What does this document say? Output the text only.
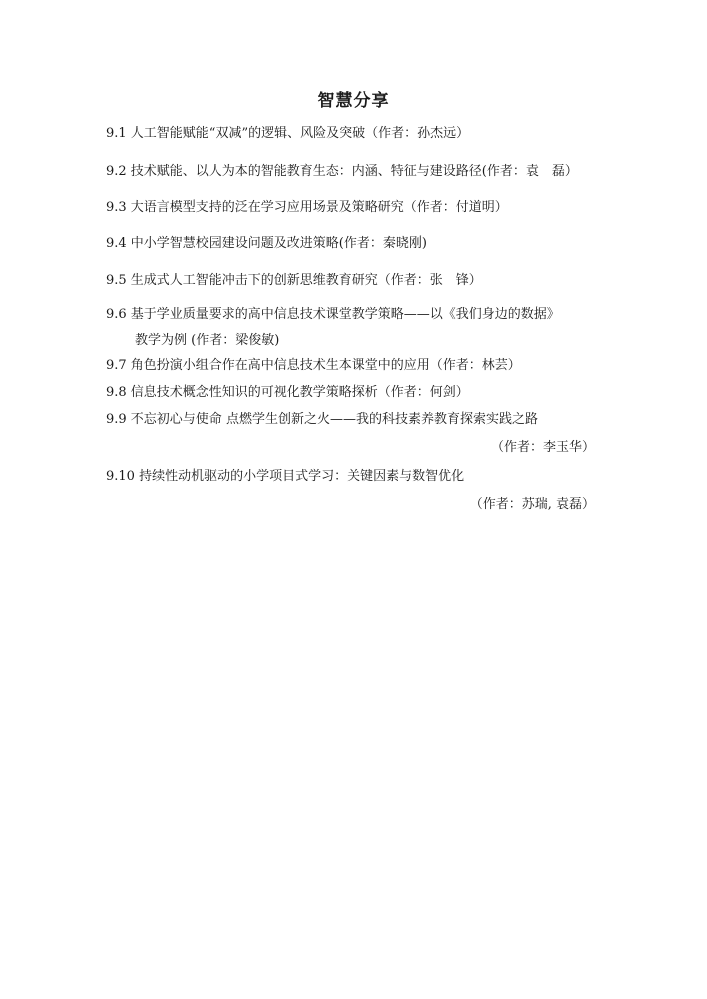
智慧分享
9.1 人工智能赋能“双减”的逻辑、风险及突破（作者：孙杰远）
9.2 技术赋能、以人为本的智能教育生态：内涵、特征与建设路径(作者：袁　磊）
9.3 大语言模型支持的泛在学习应用场景及策略研究（作者：付道明）
9.4 中小学智慧校园建设问题及改进策略(作者：秦晓刚)
9.5 生成式人工智能冲击下的创新思维教育研究（作者：张　锋）
9.6 基于学业质量要求的高中信息技术课堂教学策略——以《我们身边的数据》
教学为例 (作者：梁俊敏)
9.7 角色扮演小组合作在高中信息技术生本课堂中的应用（作者：林芸）
9.8 信息技术概念性知识的可视化教学策略探析（作者：何剑）
9.9 不忘初心与使命 点燃学生创新之火——我的科技素养教育探索实践之路
（作者：李玉华）
9.10 持续性动机驱动的小学项目式学习：关键因素与数智优化
（作者：苏瑞, 袁磊）
